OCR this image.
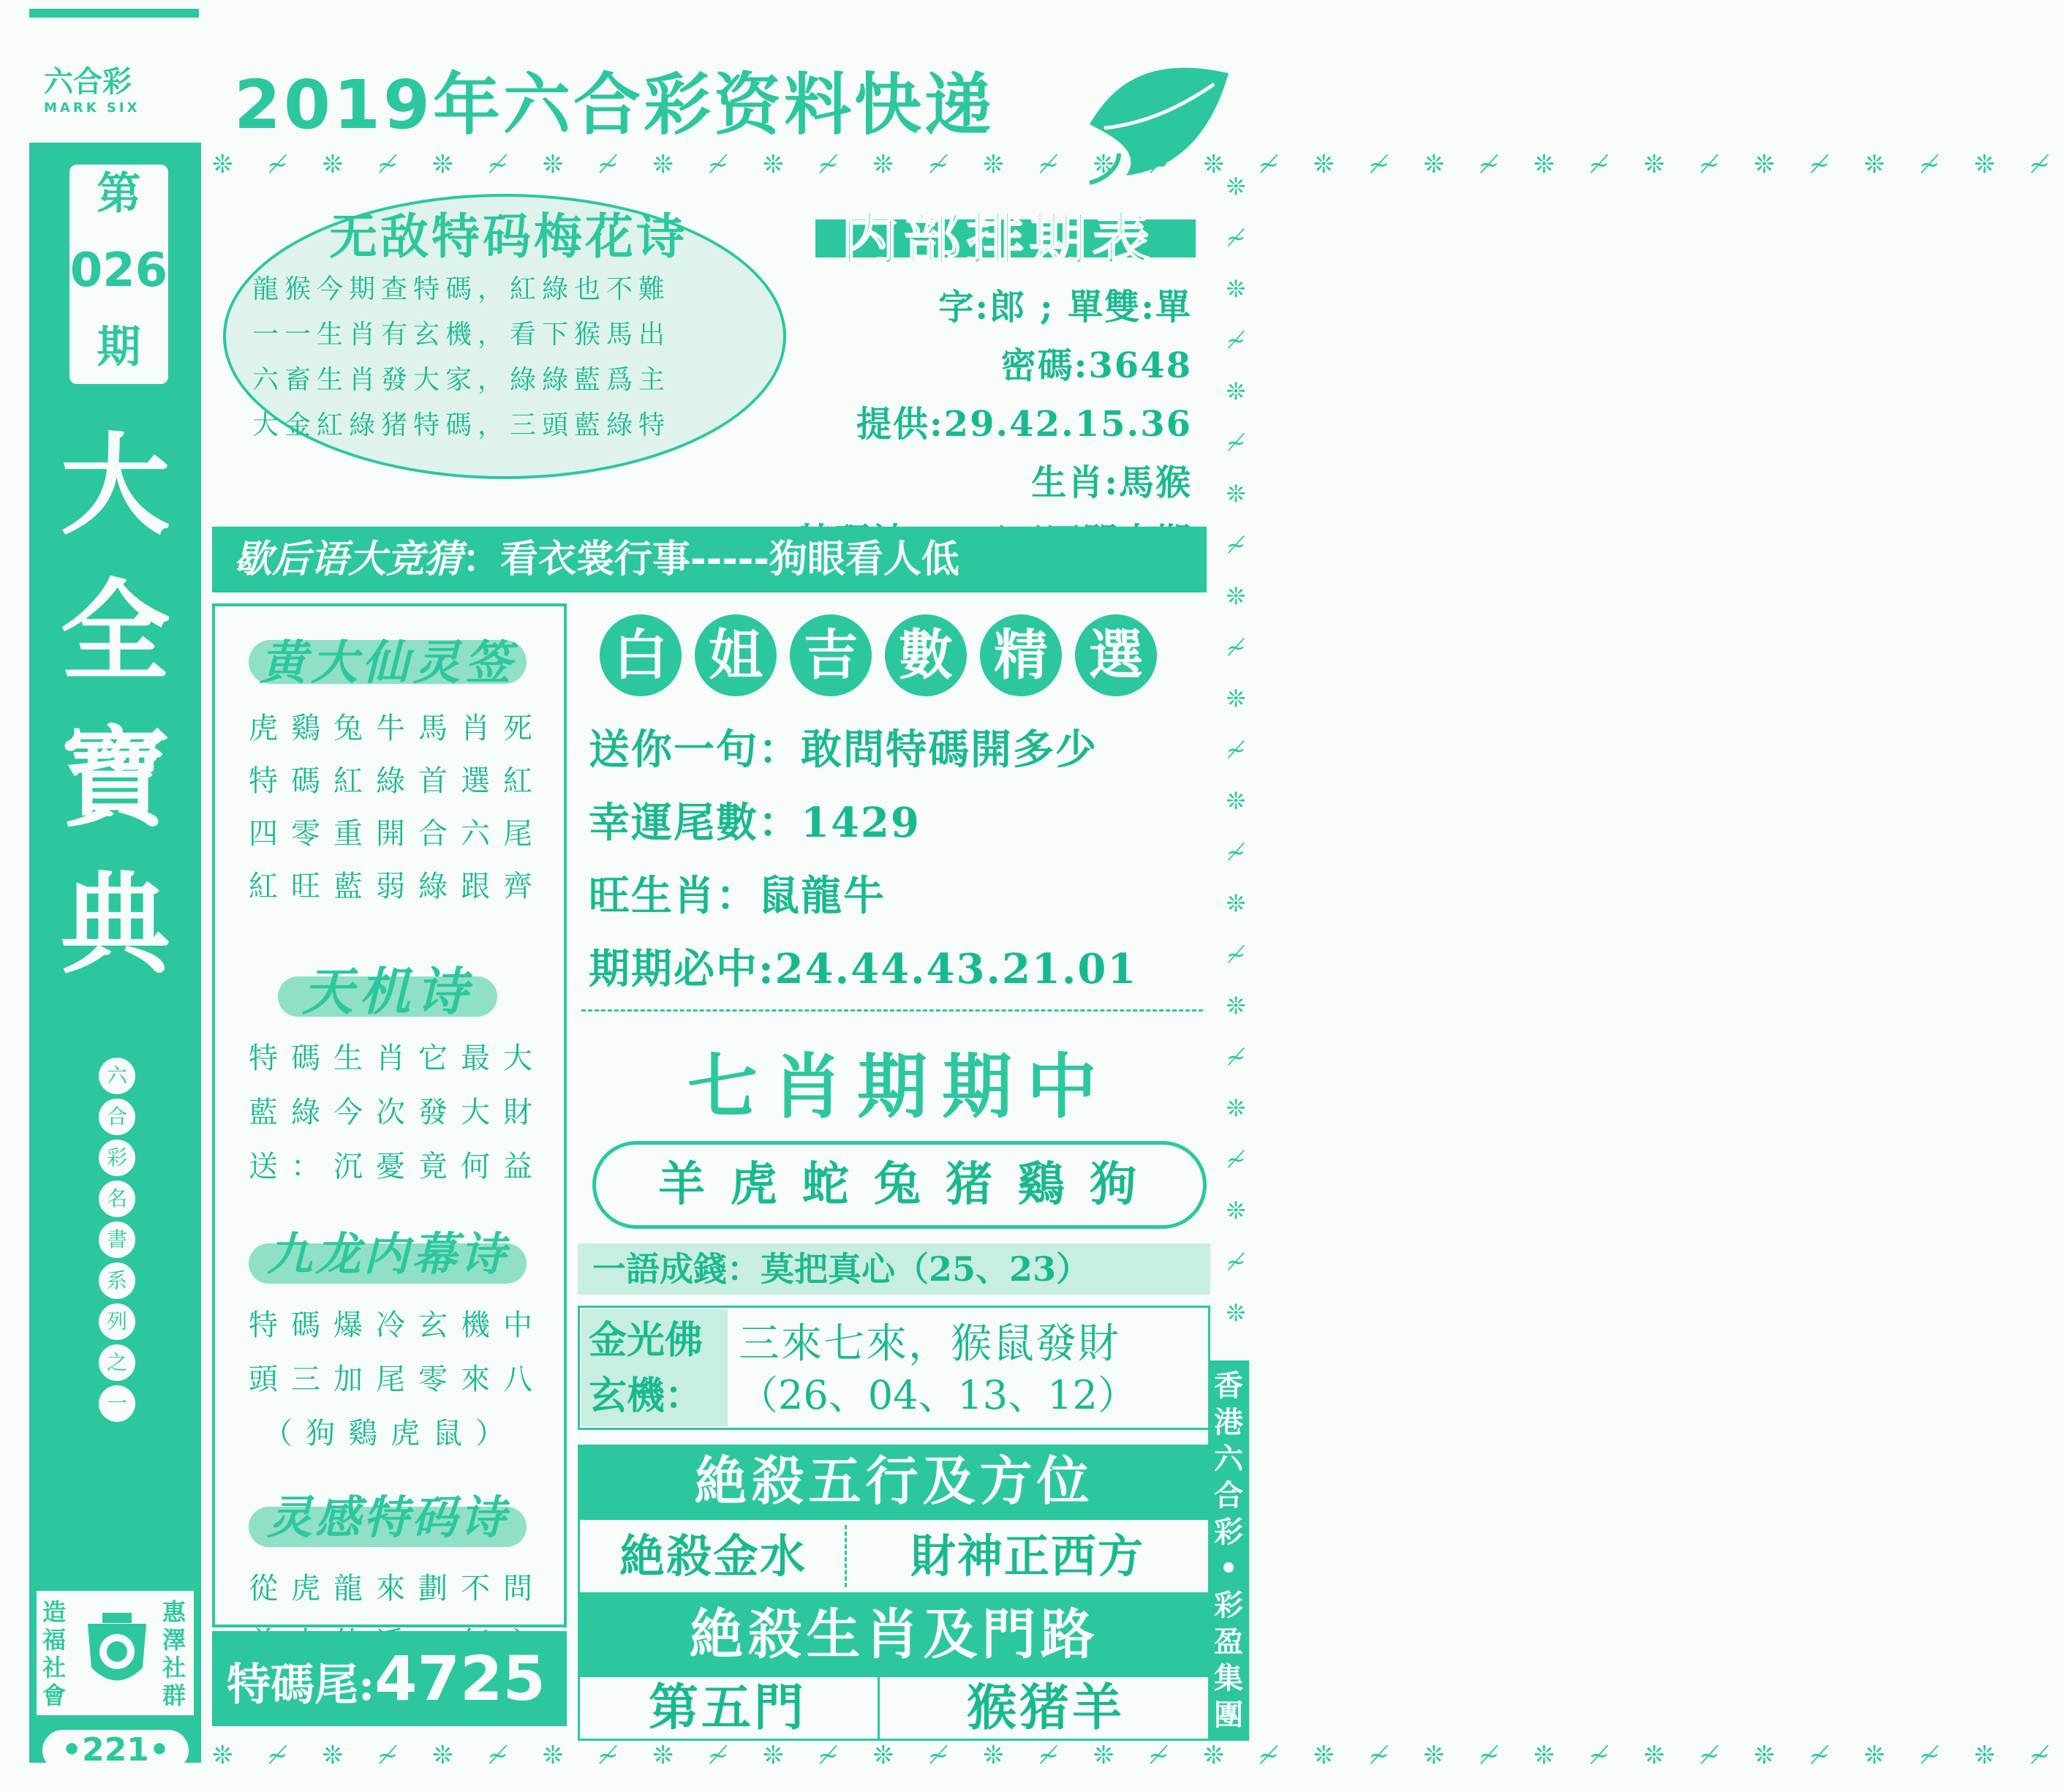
六合彩
MARK SIX	2019年六合彩资料快递
第
026
期
大
全
寶
典
六
合
彩
名
書
系
列
之
一
造福社會
惠澤社群
•221•
❊ ≁ ❊ ≁ ❊ ≁ ❊ ≁ ❊ ≁ ❊ ≁ ❊ ≁ ❊ ≁ ❊ ≁ ❊ ≁ ❊ ≁ ❊ ≁ ❊ ≁ ❊ ≁ ❊ ≁ ❊ ≁ ❊ ≁
❊ ≁ ❊ ≁ ❊ ≁ ❊ ≁ ❊ ≁ ❊ ≁ ❊ ≁ ❊ ≁ ❊ ≁ ❊ ≁ ❊ ≁ ❊ ≁ ❊ ≁ ❊ ≁ ❊ ≁ ❊ ≁ ❊ ≁
❊
≁
❊
≁
❊
≁
❊
≁
❊
≁
❊
≁
❊
≁
❊
≁
❊
≁
❊
≁
❊
≁
❊
无敌特码梅花诗
龍猴今期查特碼，紅綠也不難
一一生肖有玄機，看下猴馬出
六畜生肖發大家，綠綠藍爲主
大金紅綠猪特碼，三頭藍綠特
内部排期表
字:郎 ; 單雙:單
密碼:3648
提供:29.42.15.36
生肖:馬猴
歇后语大竞猜：看衣裳行事-----狗眼看人低
黄大仙灵签
虎鷄兔牛馬肖死
特碼紅綠首選紅
四零重開合六尾
紅旺藍弱綠跟齊
天机诗
特碼生肖它最大
藍綠今次發大財
送：沉憂竟何益
九龙内幕诗
特碼爆冷玄機中
頭三加尾零來八
（狗鷄虎鼠）
灵感特码诗
從虎龍來劃不問
特碼尾:4725
白 姐 吉 數 精 選
送你一句：敢問特碼開多少
幸運尾數：1429
旺生肖：鼠龍牛
期期必中:24.44.43.21.01
七肖期期中
羊 虎 蛇 兔 猪 鷄 狗
一語成錢：莫把真心（25、23）
金光佛玄機：
三來七來，猴鼠發財
（26、04、13、12）
絶殺五行及方位
絶殺金水	財神正西方
絶殺生肖及門路
第五門	猴猪羊
香港六合彩•彩盈集團
